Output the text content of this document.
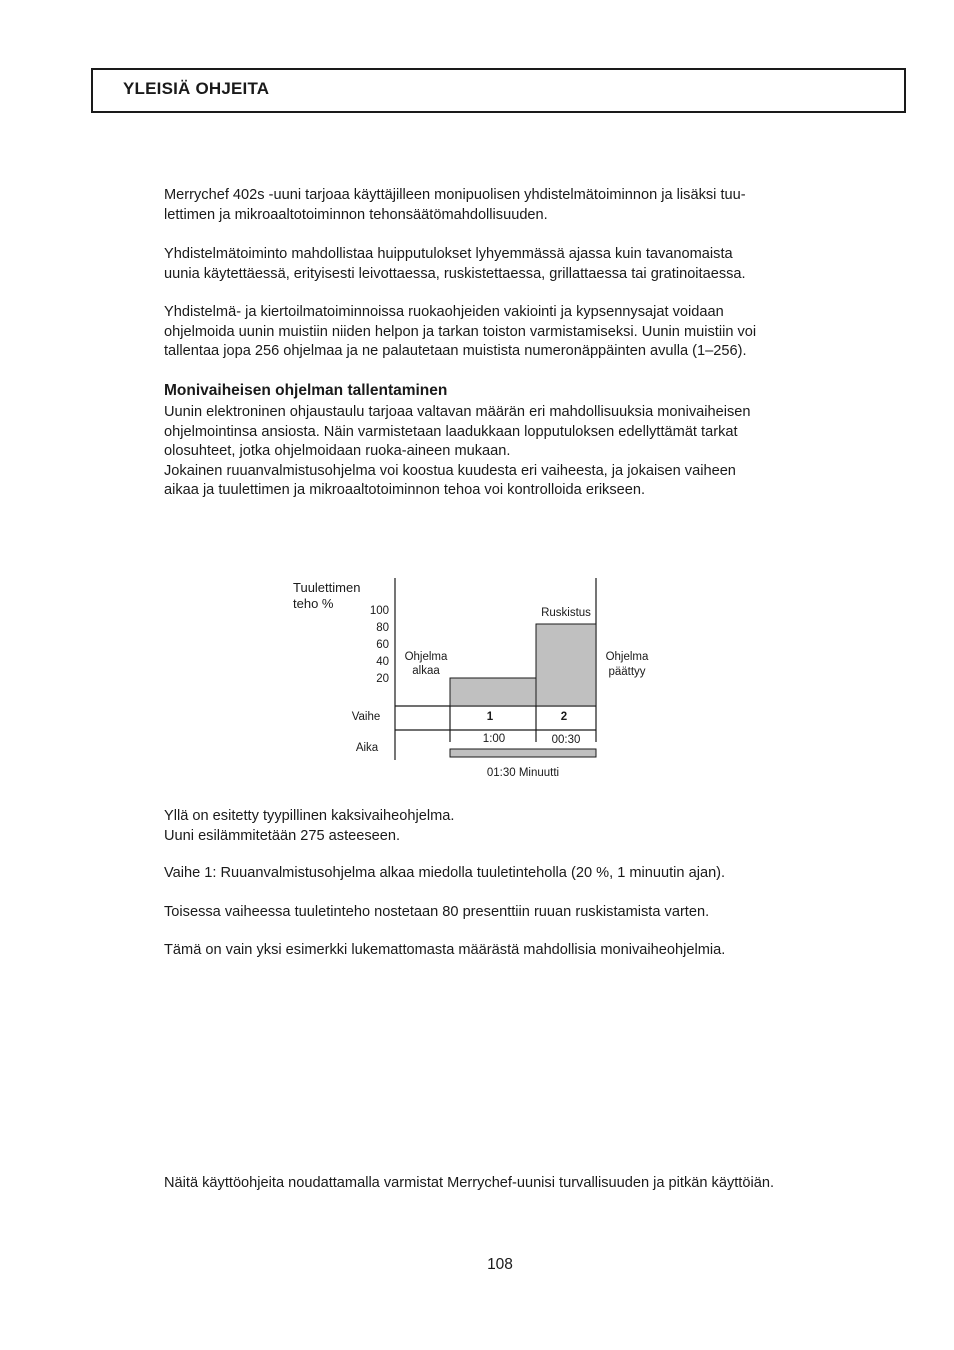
YLEISIÄ OHJEITA
Merrychef 402s -uuni tarjoaa käyttäjilleen monipuolisen yhdistelmätoiminnon ja lisäksi tuu-
lettimen ja mikroaaltotoiminnon tehonsäätömahdollisuuden.
Yhdistelmätoiminto mahdollistaa huipputulokset lyhyemmässä ajassa kuin tavanomaista
uunia käytettäessä, erityisesti leivottaessa, ruskistettaessa, grillattaessa tai gratinoitaessa.
Yhdistelmä- ja kiertoilmatoiminnoissa ruokaohjeiden vakiointi ja kypsennysajat voidaan
ohjelmoida uunin muistiin niiden helpon ja tarkan toiston varmistamiseksi. Uunin muistiin voi
tallentaa jopa 256 ohjelmaa ja ne palautetaan muistista numeronäppäinten avulla (1–256).
Monivaiheisen ohjelman tallentaminen
Uunin elektroninen ohjaustaulu tarjoaa valtavan määrän eri mahdollisuuksia monivaiheisen
ohjelmointinsa ansiosta. Näin varmistetaan laadukkaan lopputuloksen edellyttämät tarkat
olosuhteet, jotka ohjelmoidaan ruoka-aineen mukaan.
Jokainen ruuanvalmistusohjelma voi koostua kuudesta eri vaiheesta, ja jokaisen vaiheen
aikaa ja tuulettimen ja mikroaaltotoiminnon tehoa voi kontrolloida erikseen.
Tuulettimen
teho %	100
80
60
40
20
Ohjelma
alkaa
Ohjelma
päättyy
Ruskistus
Vaihe	1	2
Aika
1:00	00:30
01:30 Minuutti
Yllä on esitetty tyypillinen kaksivaiheohjelma.
Uuni esilämmitetään 275 asteeseen.
Vaihe 1: Ruuanvalmistusohjelma alkaa miedolla tuuletinteholla (20 %, 1 minuutin ajan).
Toisessa vaiheessa tuuletinteho nostetaan 80 presenttiin ruuan ruskistamista varten.
Tämä on vain yksi esimerkki lukemattomasta määrästä mahdollisia monivaiheohjelmia.
Näitä käyttöohjeita noudattamalla varmistat Merrychef-uunisi turvallisuuden ja pitkän käyttöiän.
108
